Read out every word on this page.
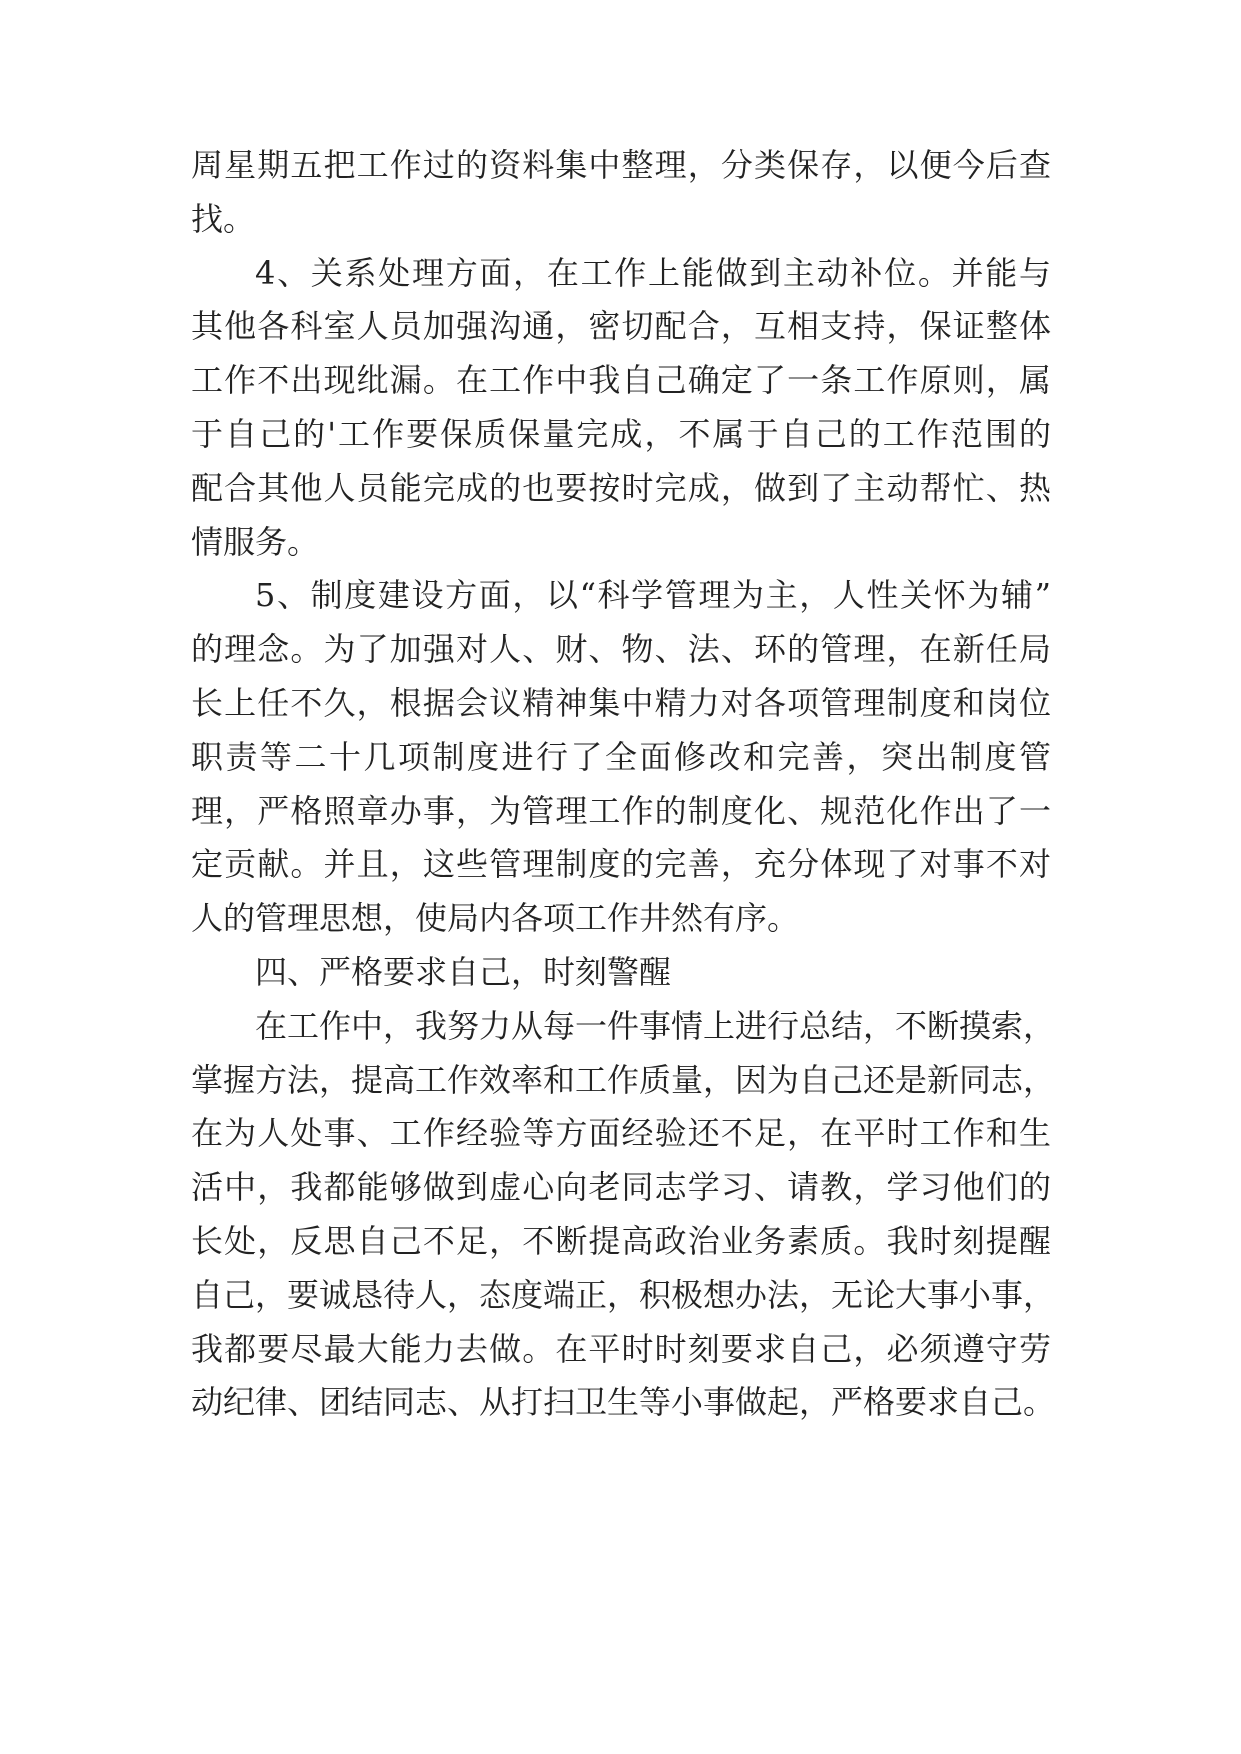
周星期五把工作过的资料集中整理，分类保存，以便今后查
找。
4、关系处理方面，在工作上能做到主动补位。并能与
其他各科室人员加强沟通，密切配合，互相支持，保证整体
工作不出现纰漏。在工作中我自己确定了一条工作原则，属
于自己的'工作要保质保量完成，不属于自己的工作范围的
配合其他人员能完成的也要按时完成，做到了主动帮忙、热
情服务。
5、制度建设方面，以“科学管理为主，人性关怀为辅”
的理念。为了加强对人、财、物、法、环的管理，在新任局
长上任不久，根据会议精神集中精力对各项管理制度和岗位
职责等二十几项制度进行了全面修改和完善，突出制度管
理，严格照章办事，为管理工作的制度化、规范化作出了一
定贡献。并且，这些管理制度的完善，充分体现了对事不对
人的管理思想，使局内各项工作井然有序。
四、严格要求自己，时刻警醒
在工作中，我努力从每一件事情上进行总结，不断摸索，
掌握方法，提高工作效率和工作质量，因为自己还是新同志，
在为人处事、工作经验等方面经验还不足，在平时工作和生
活中，我都能够做到虚心向老同志学习、请教，学习他们的
长处，反思自己不足，不断提高政治业务素质。我时刻提醒
自己，要诚恳待人，态度端正，积极想办法，无论大事小事，
我都要尽最大能力去做。在平时时刻要求自己，必须遵守劳
动纪律、团结同志、从打扫卫生等小事做起，严格要求自己。
